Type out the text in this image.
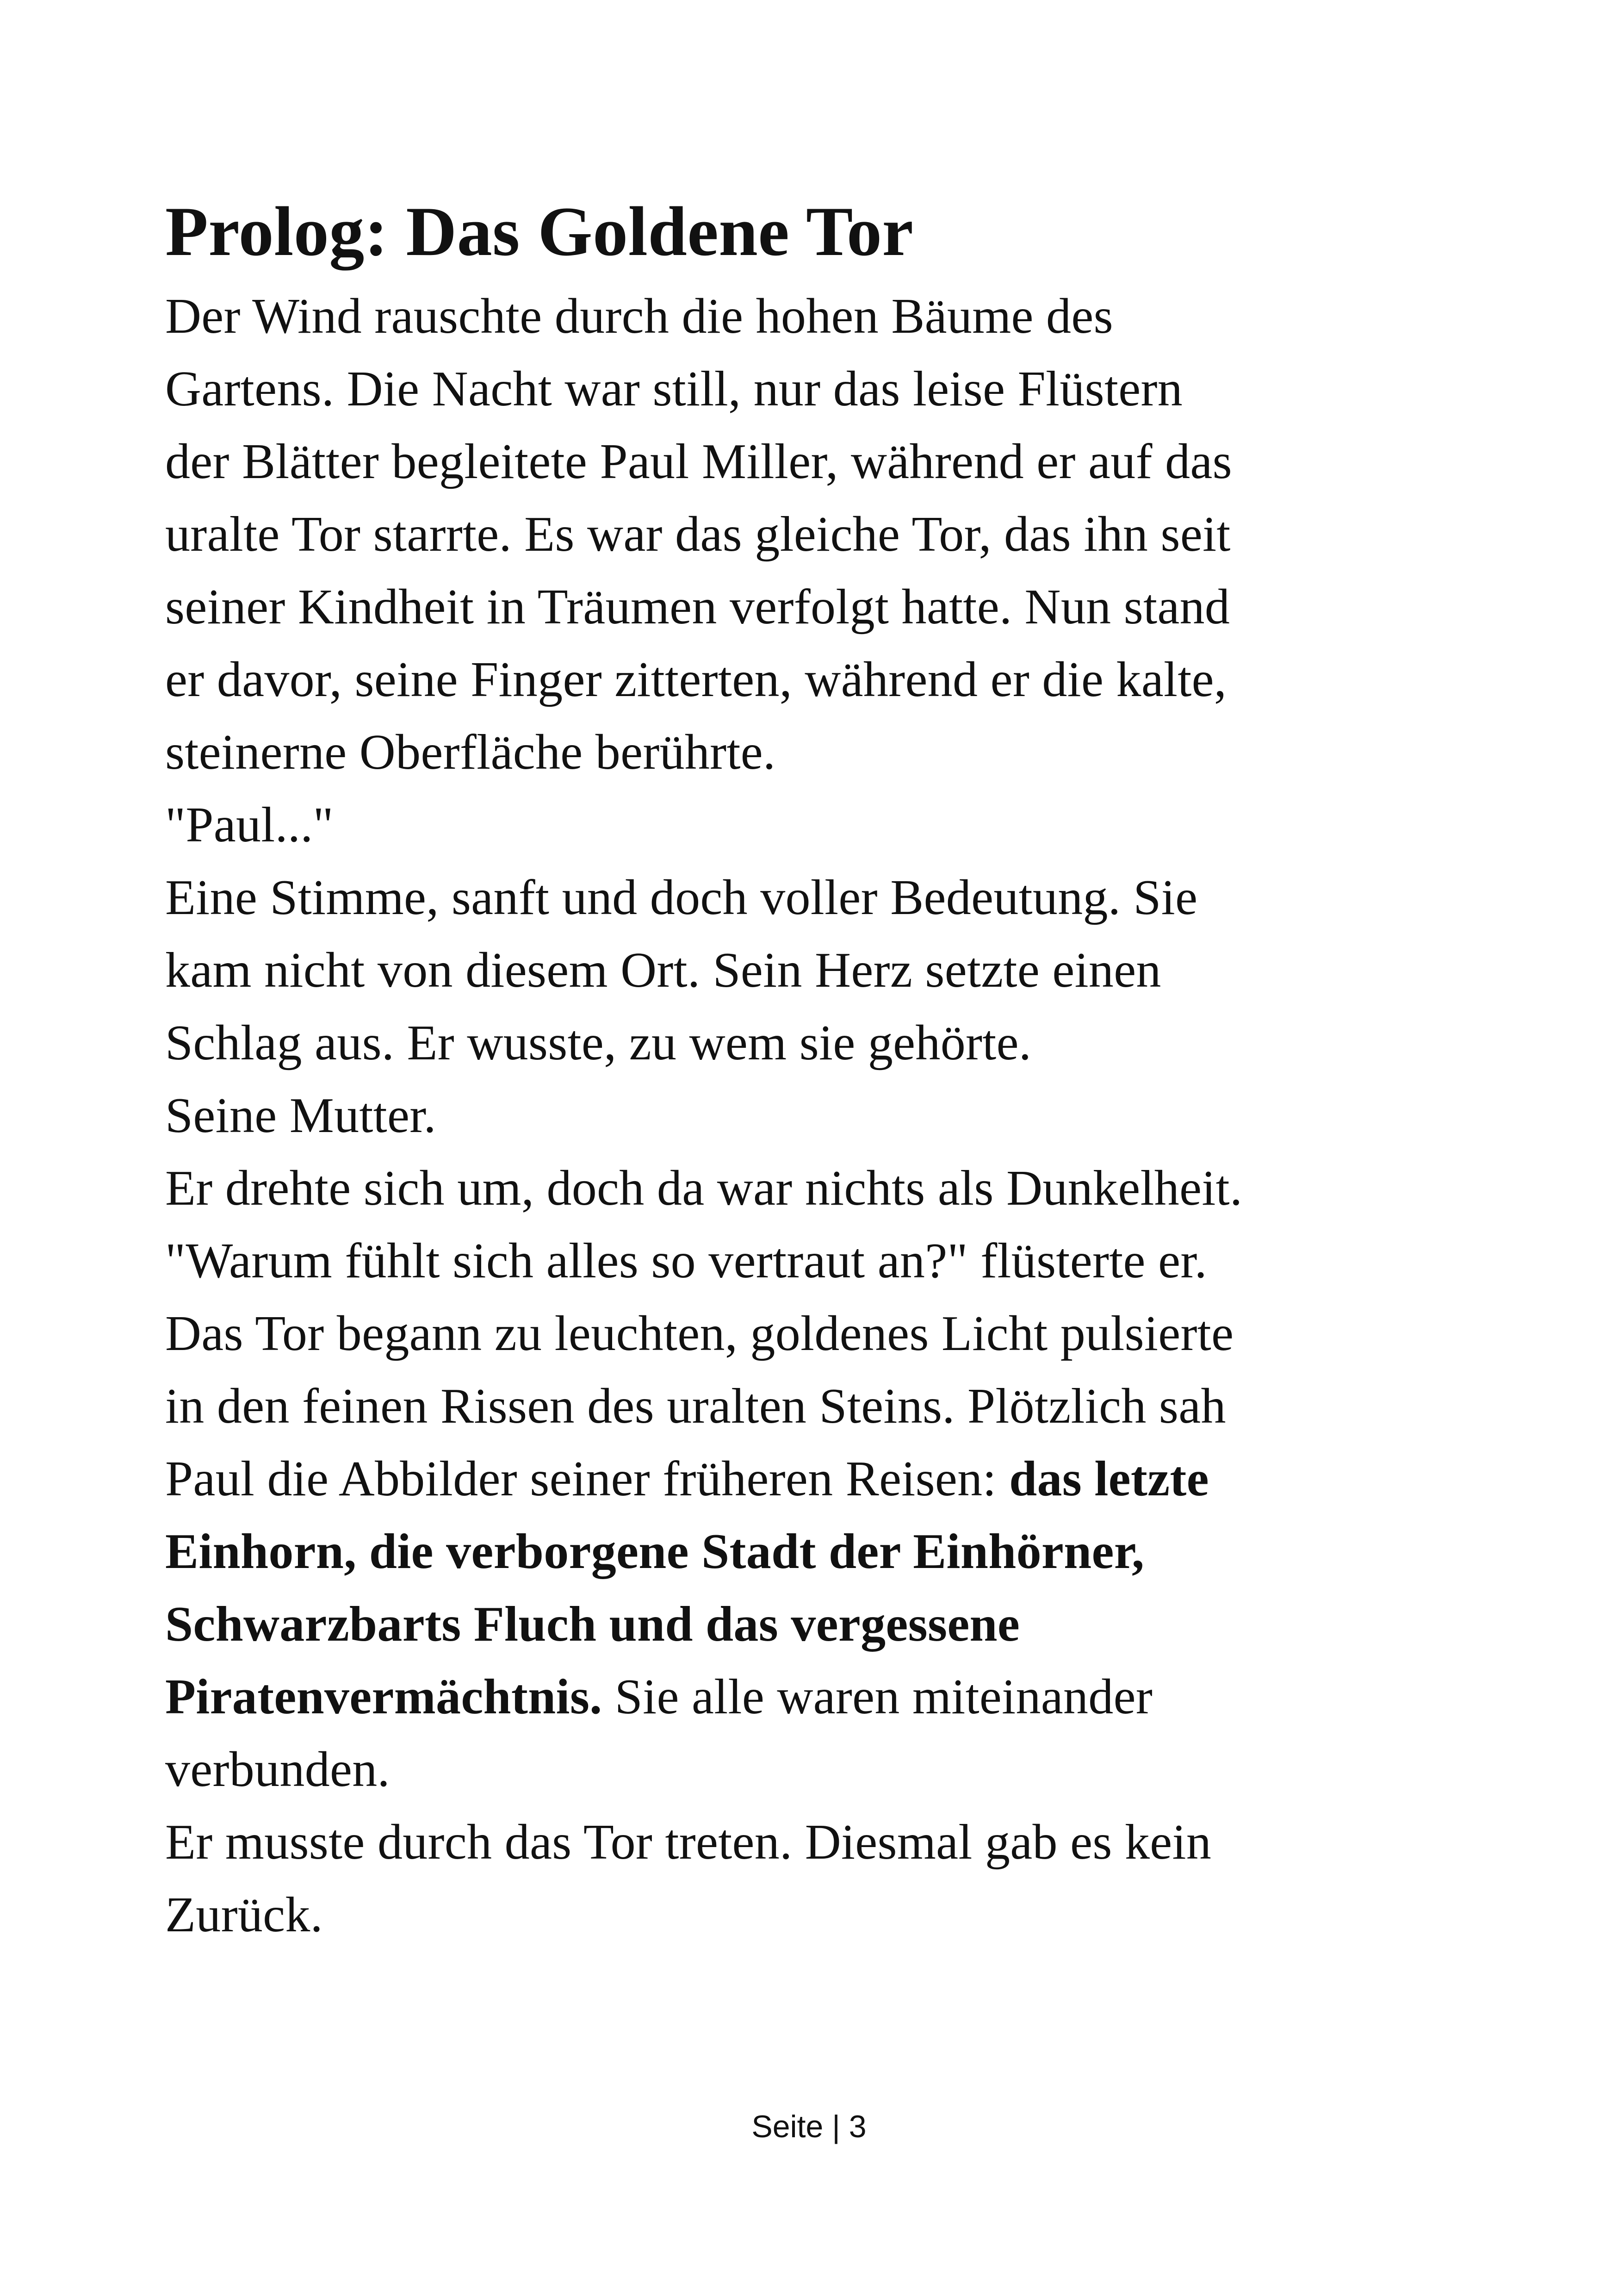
Prolog: Das Goldene Tor

Der Wind rauschte durch die hohen Bäume des
Gartens. Die Nacht war still, nur das leise Flüstern
der Blätter begleitete Paul Miller, während er auf das
uralte Tor starrte. Es war das gleiche Tor, das ihn seit
seiner Kindheit in Träumen verfolgt hatte. Nun stand
er davor, seine Finger zitterten, während er die kalte,
steinerne Oberfläche berührte.
"Paul..."
Eine Stimme, sanft und doch voller Bedeutung. Sie
kam nicht von diesem Ort. Sein Herz setzte einen
Schlag aus. Er wusste, zu wem sie gehörte.
Seine Mutter.
Er drehte sich um, doch da war nichts als Dunkelheit.
"Warum fühlt sich alles so vertraut an?" flüsterte er.
Das Tor begann zu leuchten, goldenes Licht pulsierte
in den feinen Rissen des uralten Steins. Plötzlich sah
Paul die Abbilder seiner früheren Reisen: das letzte
Einhorn, die verborgene Stadt der Einhörner,
Schwarzbarts Fluch und das vergessene
Piratenvermächtnis. Sie alle waren miteinander
verbunden.
Er musste durch das Tor treten. Diesmal gab es kein
Zurück.

Seite | 3
